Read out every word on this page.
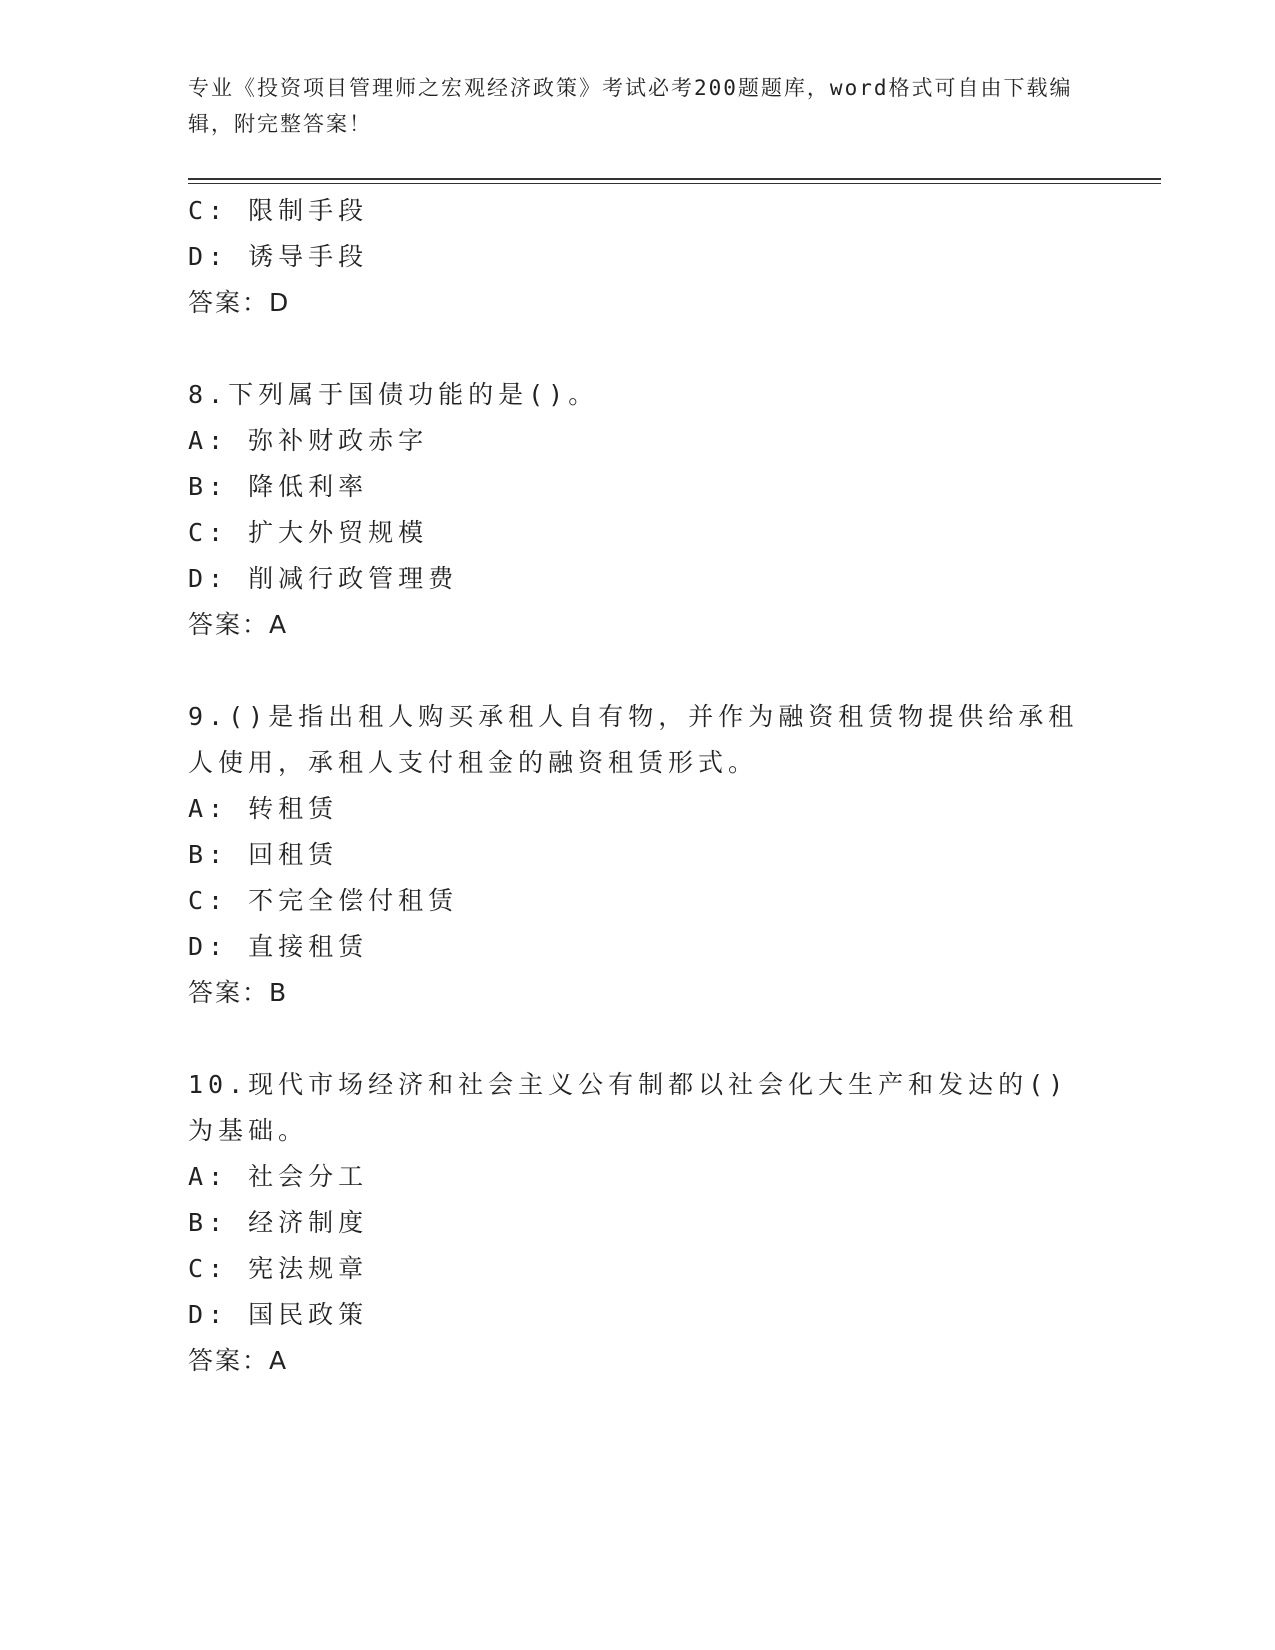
专业《投资项目管理师之宏观经济政策》考试必考200题题库，word格式可自由下载编辑，附完整答案！

C: 限制手段
D: 诱导手段
答案：D
8.下列属于国债功能的是()。
A: 弥补财政赤字
B: 降低利率
C: 扩大外贸规模
D: 削减行政管理费
答案：A
9.()是指出租人购买承租人自有物，并作为融资租赁物提供给承租人使用，承租人支付租金的融资租赁形式。
A: 转租赁
B: 回租赁
C: 不完全偿付租赁
D: 直接租赁
答案：B
10.现代市场经济和社会主义公有制都以社会化大生产和发达的()为基础。
A: 社会分工
B: 经济制度
C: 宪法规章
D: 国民政策
答案：A
